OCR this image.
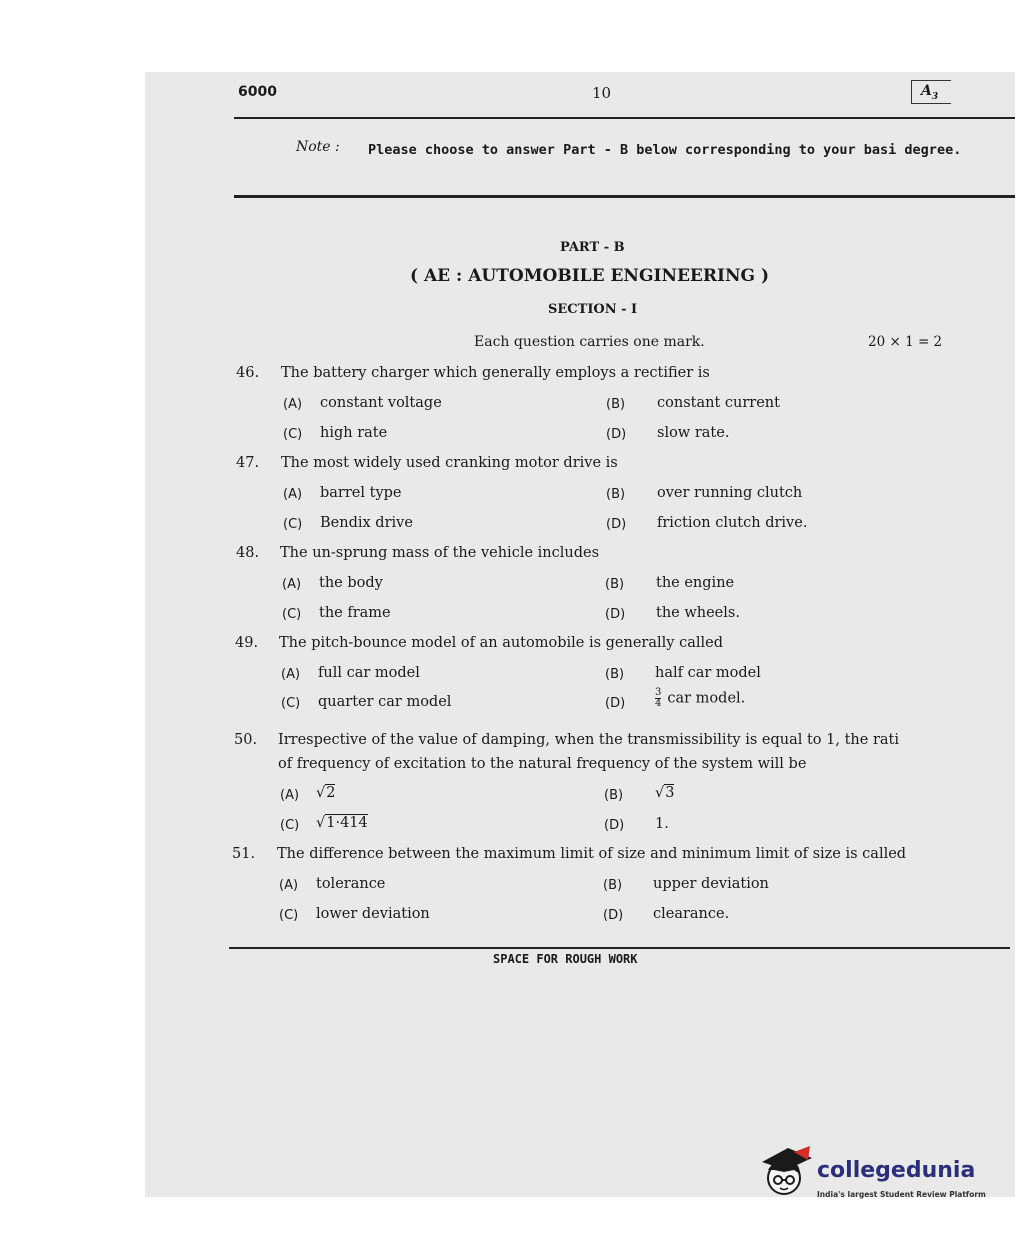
6000	10	$A_3$
Note : Please choose to answer Part - B below corresponding to your basi degree.
PART - B
( AE : AUTOMOBILE ENGINEERING )
SECTION - I
Each question carries one mark.	20 × 1 = 2
46. The battery charger which generally employs a rectifier is
(A) constant voltage	(B) constant current
(C) high rate	(D) slow rate.
47. The most widely used cranking motor drive is
(A) barrel type	(B) over running clutch
(C) Bendix drive	(D) friction clutch drive.
48. The un-sprung mass of the vehicle includes
(A) the body	(B) the engine
(C) the frame	(D) the wheels.
49. The pitch-bounce model of an automobile is generally called
(A) full car model	(B) half car model
(C) quarter car model	(D)	$\frac{3}{4}$ car model.
50. Irrespective of the value of damping, when the transmissibility is equal to 1, the rati
of frequency of excitation to the natural frequency of the system will be
(A) √2	(B) √3
(C) √1·414	(D) 1.
51. The difference between the maximum limit of size and minimum limit of size is called
(A) tolerance	(B) upper deviation
(C) lower deviation	(D) clearance.
SPACE FOR ROUGH WORK
collegedunia
India's largest Student Review Platform
